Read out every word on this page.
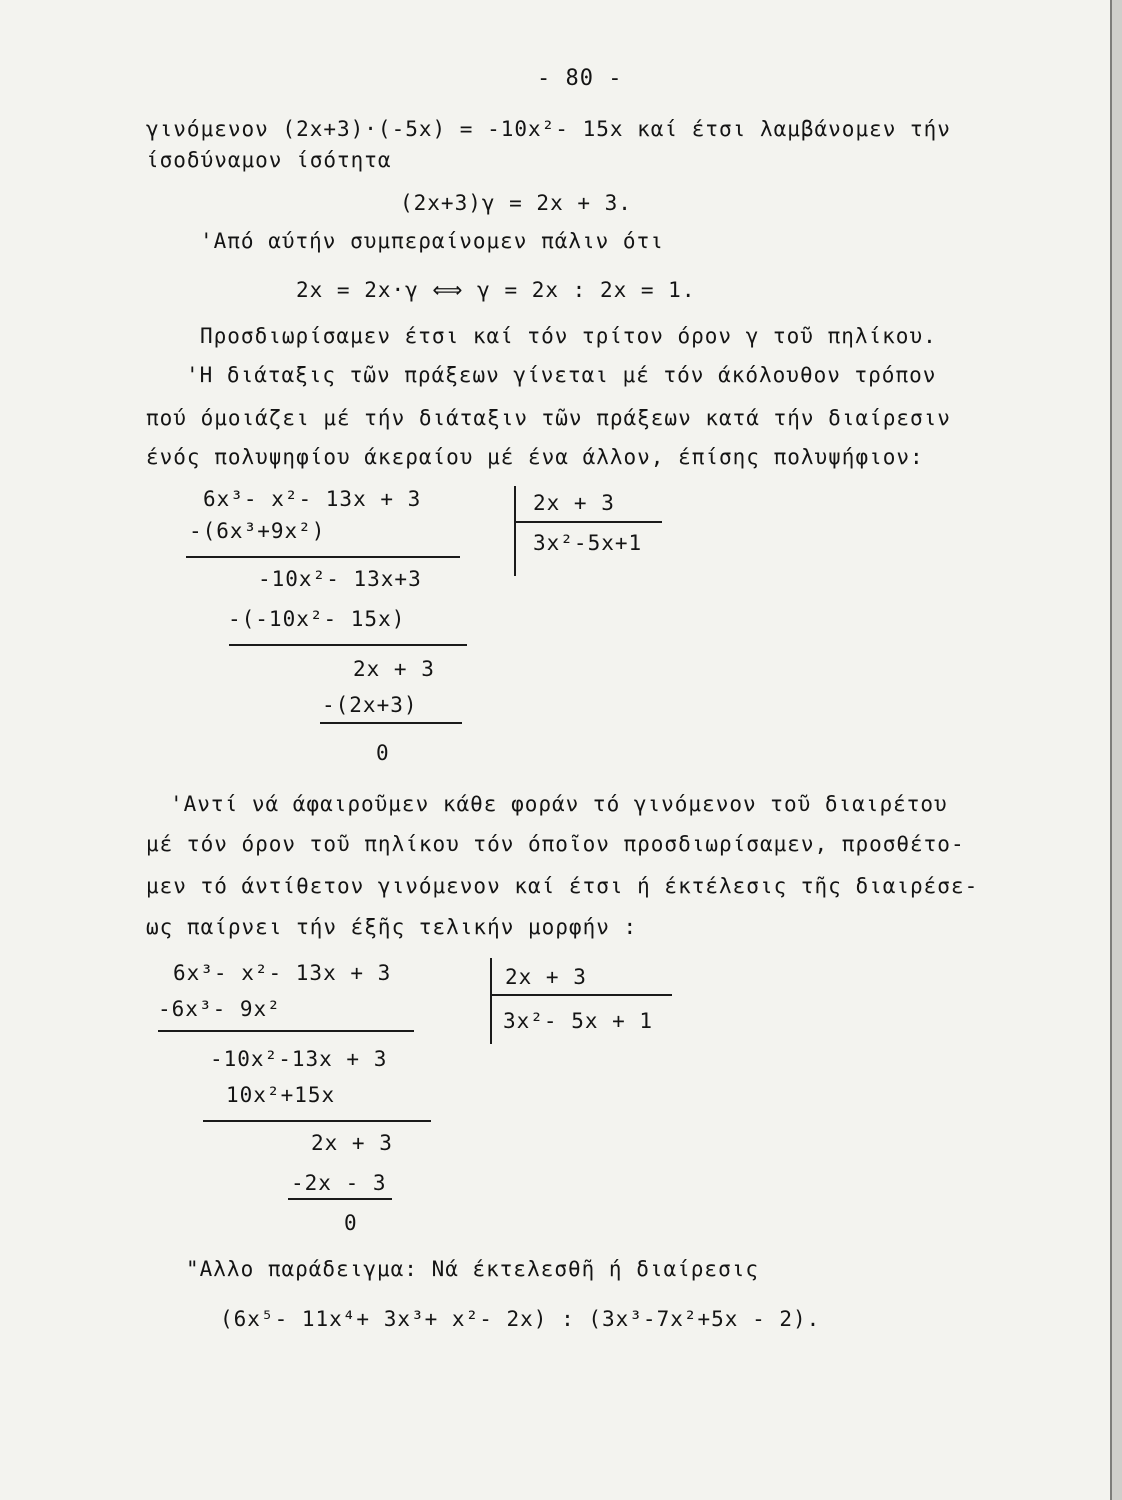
- 80 -
γινόμενον (2x+3)·(-5x) = -10x²- 15x καί έτσι λαμβάνομεν τήν
ίσοδύναμον ίσότητα
(2x+3)γ = 2x + 3.
'Από αύτήν συμπεραίνομεν πάλιν ότι
2x = 2x·γ ⟺ γ = 2x : 2x = 1.
Προσδιωρίσαμεν έτσι καί τόν τρίτον όρον γ τοῦ πηλίκου.
'Η διάταξις τῶν πράξεων γίνεται μέ τόν άκόλουθον τρόπον
πού όμοιάζει μέ τήν διάταξιν τῶν πράξεων κατά τήν διαίρεσιν
ένός πολυψηφίου άκεραίου μέ ένα άλλον, έπίσης πολυψήφιον:
6x³- x²- 13x + 3	2x + 3
3x²-5x+1
-(6x³+9x²)
-10x²- 13x+3
-(-10x²- 15x)
2x + 3
-(2x+3)
0
'Αντί νά άφαιροῦμεν κάθε φοράν τό γινόμενον τοῦ διαιρέτου
μέ τόν όρον τοῦ πηλίκου τόν όποῖον προσδιωρίσαμεν, προσθέτο-
μεν τό άντίθετον γινόμενον καί έτσι ή έκτέλεσις τῆς διαιρέσε-
ως παίρνει τήν έξῆς τελικήν μορφήν :
6x³- x²- 13x + 3	2x + 3
3x²- 5x + 1
-6x³- 9x²
-10x²-13x + 3
10x²+15x
2x + 3
-2x - 3
0
"Αλλο παράδειγμα: Νά έκτελεσθῆ ή διαίρεσις
(6x⁵- 11x⁴+ 3x³+ x²- 2x) : (3x³-7x²+5x - 2).
